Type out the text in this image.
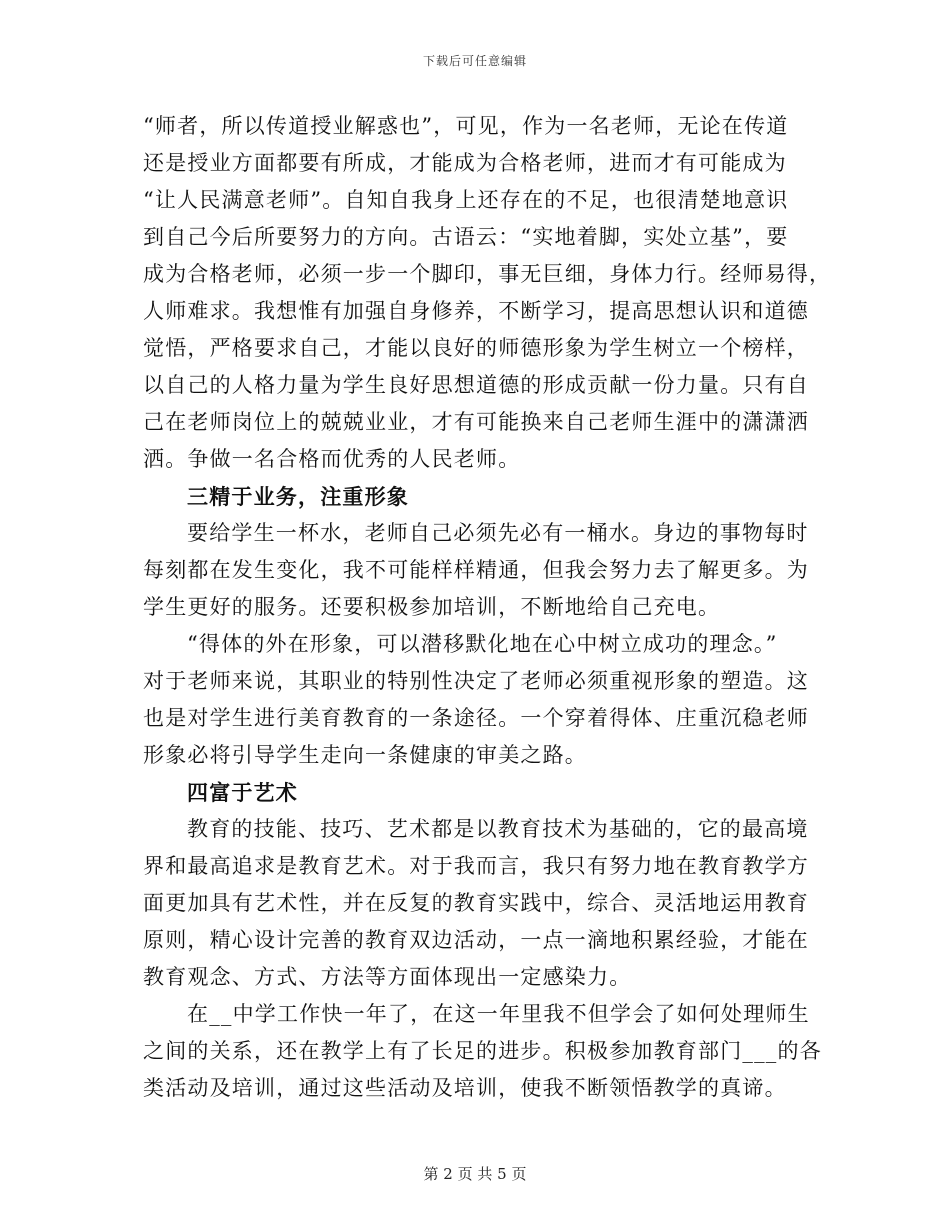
下载后可任意编辑
“师者，所以传道授业解惑也”，可见，作为一名老师，无论在传道
还是授业方面都要有所成，才能成为合格老师，进而才有可能成为
“让人民满意老师”。自知自我身上还存在的不足，也很清楚地意识
到自己今后所要努力的方向。古语云：“实地着脚，实处立基”，要
成为合格老师，必须一步一个脚印，事无巨细，身体力行。经师易得，
人师难求。我想惟有加强自身修养，不断学习，提高思想认识和道德
觉悟，严格要求自己，才能以良好的师德形象为学生树立一个榜样，
以自己的人格力量为学生良好思想道德的形成贡献一份力量。只有自
己在老师岗位上的兢兢业业，才有可能换来自己老师生涯中的潇潇洒
洒。争做一名合格而优秀的人民老师。
三精于业务，注重形象
要给学生一杯水，老师自己必须先必有一桶水。身边的事物每时
每刻都在发生变化，我不可能样样精通，但我会努力去了解更多。为
学生更好的服务。还要积极参加培训，不断地给自己充电。
“得体的外在形象，可以潜移默化地在心中树立成功的理念。”
对于老师来说，其职业的特别性决定了老师必须重视形象的塑造。这
也是对学生进行美育教育的一条途径。一个穿着得体、庄重沉稳老师
形象必将引导学生走向一条健康的审美之路。
四富于艺术
教育的技能、技巧、艺术都是以教育技术为基础的，它的最高境
界和最高追求是教育艺术。对于我而言，我只有努力地在教育教学方
面更加具有艺术性，并在反复的教育实践中，综合、灵活地运用教育
原则，精心设计完善的教育双边活动，一点一滴地积累经验，才能在
教育观念、方式、方法等方面体现出一定感染力。
在__中学工作快一年了，在这一年里我不但学会了如何处理师生
之间的关系，还在教学上有了长足的进步。积极参加教育部门___的各
类活动及培训，通过这些活动及培训，使我不断领悟教学的真谛。
第 2 页 共 5 页
